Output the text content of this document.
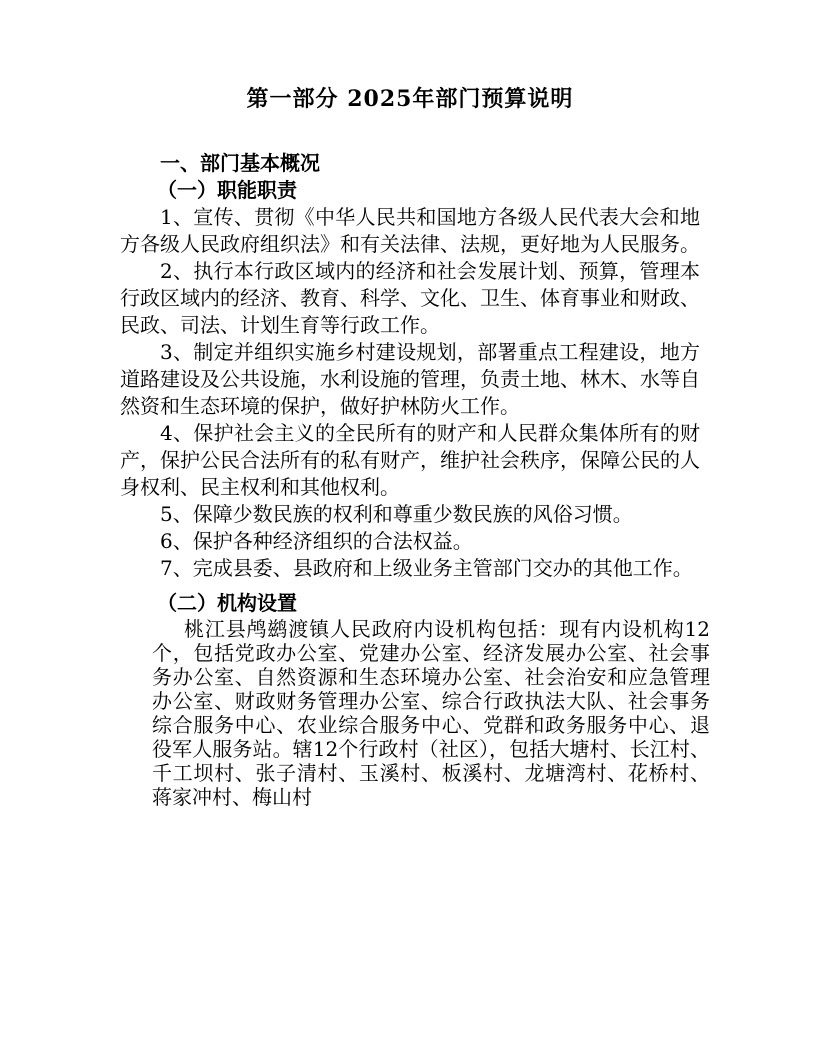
第一部分 2025年部门预算说明
一、部门基本概况
（一）职能职责

1、宣传、贯彻《中华人民共和国地方各级人民代表大会和地方各级人民政府组织法》和有关法律、法规，更好地为人民服务。

2、执行本行政区域内的经济和社会发展计划、预算，管理本行政区域内的经济、教育、科学、文化、卫生、体育事业和财政、民政、司法、计划生育等行政工作。

3、制定并组织实施乡村建设规划，部署重点工程建设，地方道路建设及公共设施，水利设施的管理，负责土地、林木、水等自然资和生态环境的保护，做好护林防火工作。

4、保护社会主义的全民所有的财产和人民群众集体所有的财产，保护公民合法所有的私有财产，维护社会秩序，保障公民的人身权利、民主权利和其他权利。

5、保障少数民族的权利和尊重少数民族的风俗习惯。

6、保护各种经济组织的合法权益。

7、完成县委、县政府和上级业务主管部门交办的其他工作。

（二）机构设置

桃江县鸬鹚渡镇人民政府内设机构包括：现有内设机构12个，包括党政办公室、党建办公室、经济发展办公室、社会事务办公室、自然资源和生态环境办公室、社会治安和应急管理办公室、财政财务管理办公室、综合行政执法大队、社会事务综合服务中心、农业综合服务中心、党群和政务服务中心、退役军人服务站。辖12个行政村（社区），包括大塘村、长江村、千工坝村、张子清村、玉溪村、板溪村、龙塘湾村、花桥村、蒋家冲村、梅山村
